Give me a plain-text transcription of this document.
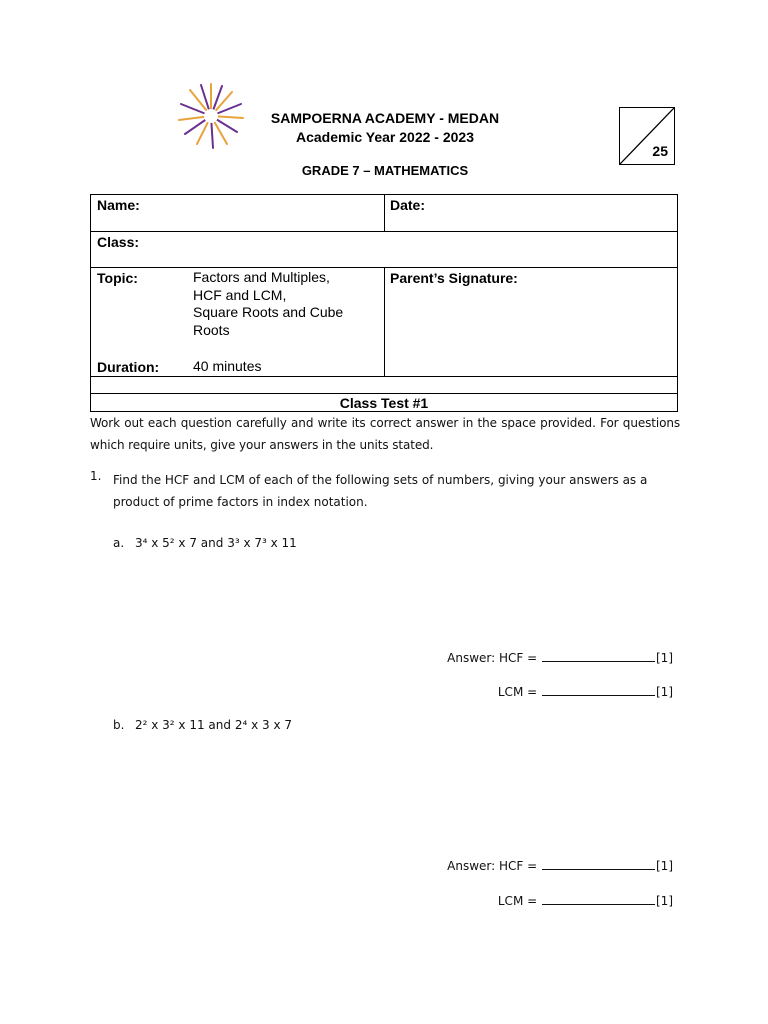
SAMPOERNA ACADEMY - MEDAN
Academic Year 2022 - 2023
GRADE 7 – MATHEMATICS
25
Name:	Date:
Class:
Topic:	Factors and Multiples,
HCF and LCM,
Square Roots and Cube
Roots
Duration: 40 minutes
Parent’s Signature:
Class Test #1
Work out each question carefully and write its correct answer in the space provided. For questions which require units, give your answers in the units stated.
1. Find the HCF and LCM of each of the following sets of numbers, giving your answers as a product of prime factors in index notation.
a. 3⁴ x 5² x 7 and 3³ x 7³ x 11
Answer: HCF =	[1]
LCM =	[1]
b. 2² x 3² x 11 and 2⁴ x 3 x 7
Answer: HCF =	[1]
LCM =	[1]
